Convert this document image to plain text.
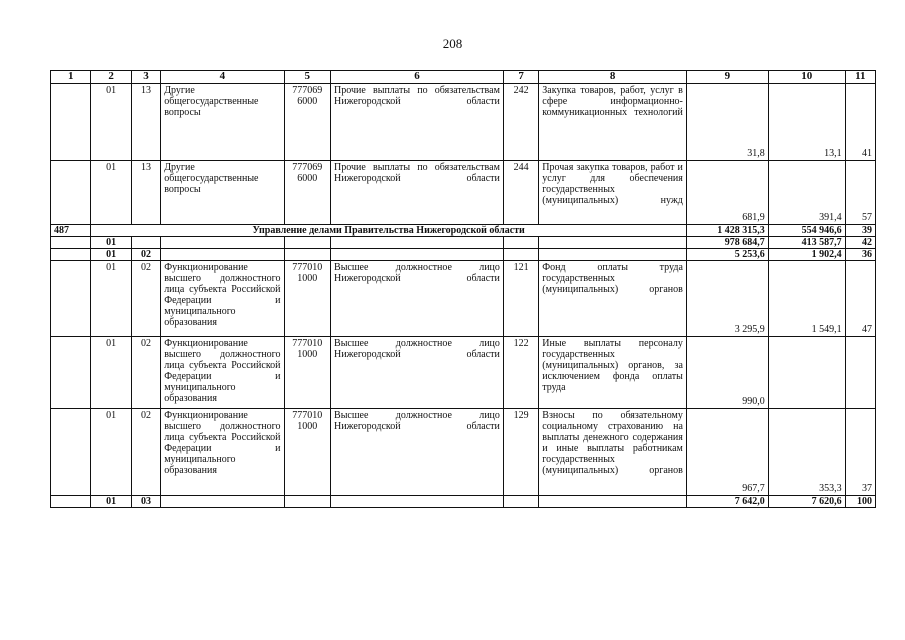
208
1	2	3	4	5	6	7	8	9	10	11
	01	13	Другие общегосударственные вопросы	777069 6000	Прочие выплаты по обязательствам Нижегородской области	242	Закупка товаров, работ, услуг в сфере информационно-коммуникационных технологий	31,8	13,1	41
	01	13	Другие общегосударственные вопросы	777069 6000	Прочие выплаты по обязательствам Нижегородской области	244	Прочая закупка товаров, работ и услуг для обеспечения государственных (муниципальных) нужд	681,9	391,4	57
487	Управление делами Правительства Нижегородской области							1 428 315,3	554 946,6	39
	01							978 684,7	413 587,7	42
	01	02						5 253,6	1 902,4	36
	01	02	Функционирование высшего должностного лица субъекта Российской Федерации и муниципального образования	777010 1000	Высшее должностное лицо Нижегородской области	121	Фонд оплаты труда государственных (муниципальных) органов	3 295,9	1 549,1	47
	01	02	Функционирование высшего должностного лица субъекта Российской Федерации и муниципального образования	777010 1000	Высшее должностное лицо Нижегородской области	122	Иные выплаты персоналу государственных (муниципальных) органов, за исключением фонда оплаты труда	990,0		
	01	02	Функционирование высшего должностного лица субъекта Российской Федерации и муниципального образования	777010 1000	Высшее должностное лицо Нижегородской области	129	Взносы по обязательному социальному страхованию на выплаты денежного содержания и иные выплаты работникам государственных (муниципальных) органов	967,7	353,3	37
	01	03						7 642,0	7 620,6	100
